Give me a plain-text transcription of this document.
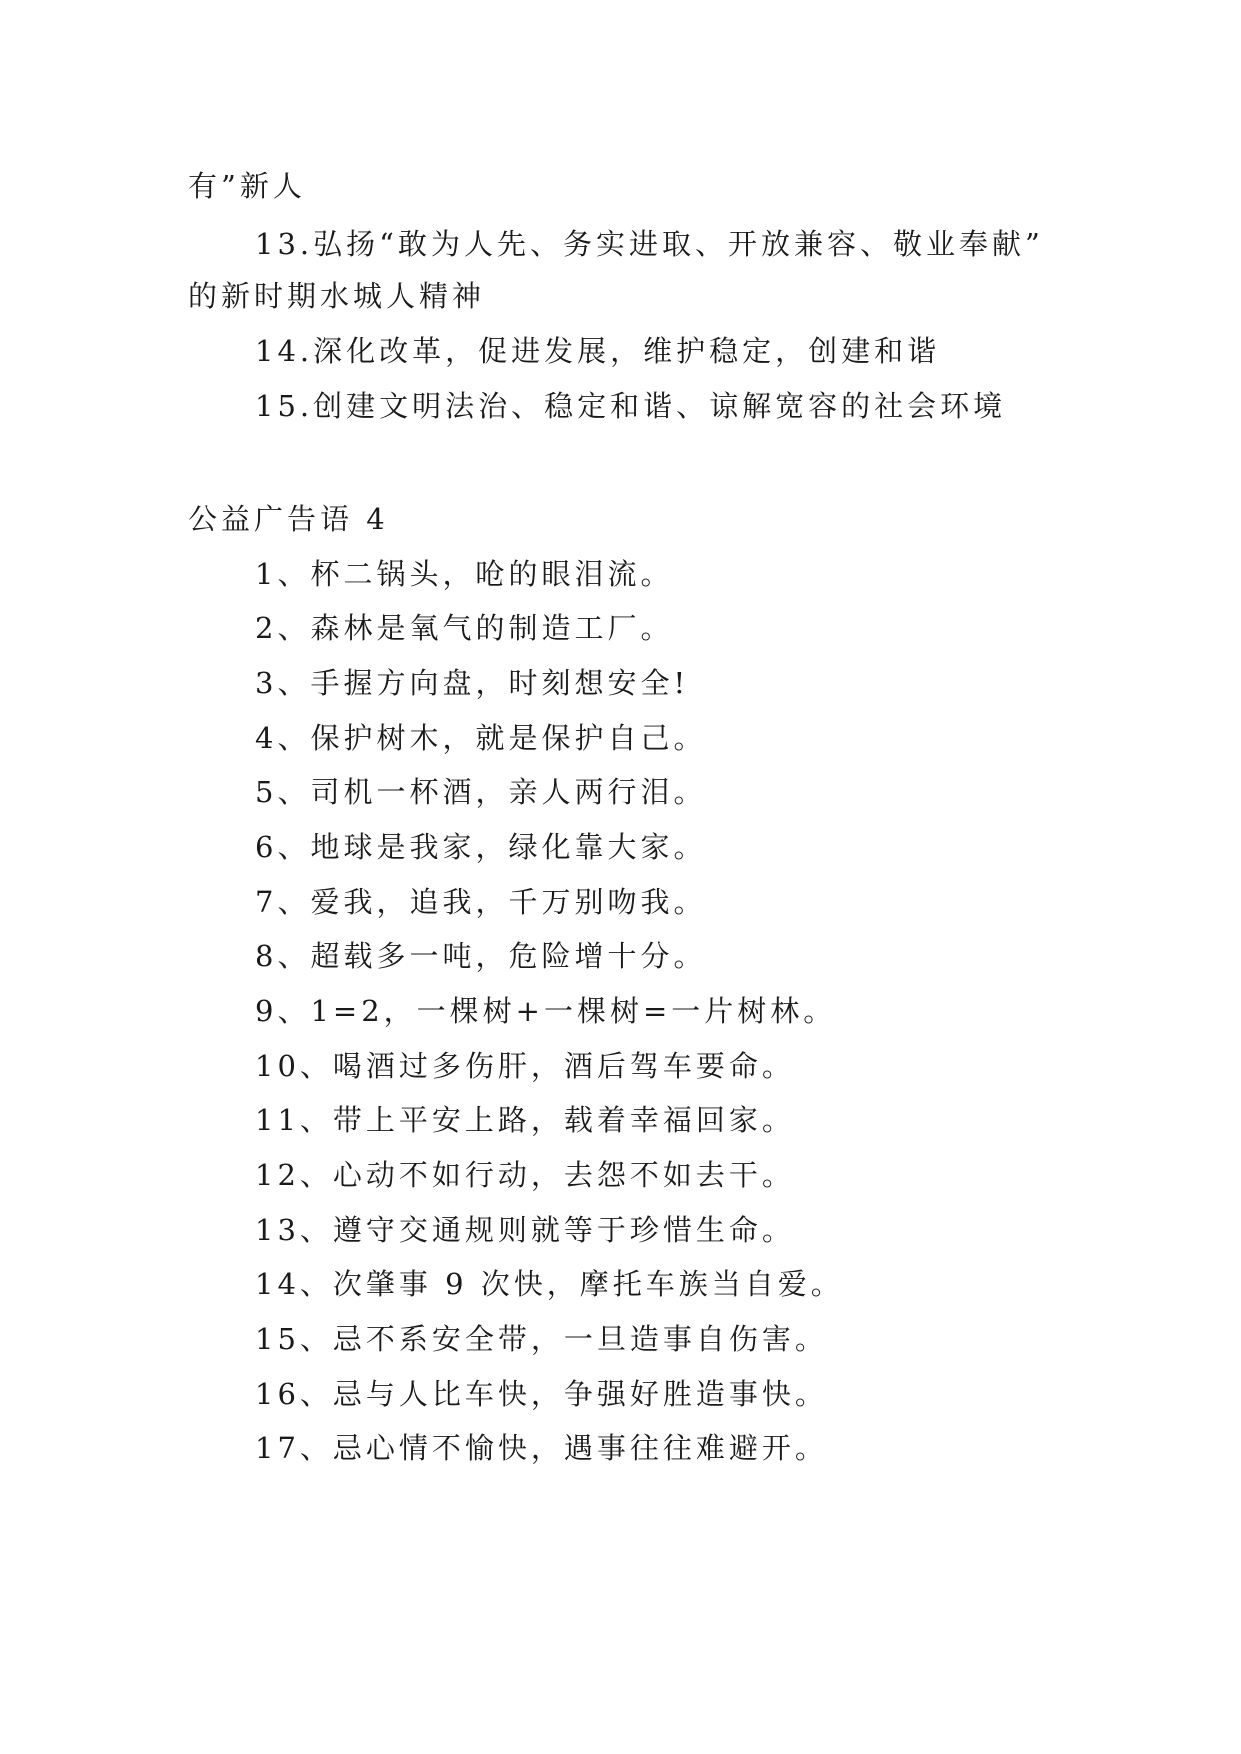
有”新人
13.弘扬“敢为人先、务实进取、开放兼容、敬业奉献”
的新时期水城人精神
14.深化改革，促进发展，维护稳定，创建和谐
15.创建文明法治、稳定和谐、谅解宽容的社会环境
公益广告语 4
1、杯二锅头，呛的眼泪流。
2、森林是氧气的制造工厂。
3、手握方向盘，时刻想安全!
4、保护树木，就是保护自己。
5、司机一杯酒，亲人两行泪。
6、地球是我家，绿化靠大家。
7、爱我，追我，千万别吻我。
8、超载多一吨，危险增十分。
9、1=2，一棵树+一棵树=一片树林。
10、喝酒过多伤肝，酒后驾车要命。
11、带上平安上路，载着幸福回家。
12、心动不如行动，去怨不如去干。
13、遵守交通规则就等于珍惜生命。
14、次肇事 9 次快，摩托车族当自爱。
15、忌不系安全带，一旦造事自伤害。
16、忌与人比车快，争强好胜造事快。
17、忌心情不愉快，遇事往往难避开。
